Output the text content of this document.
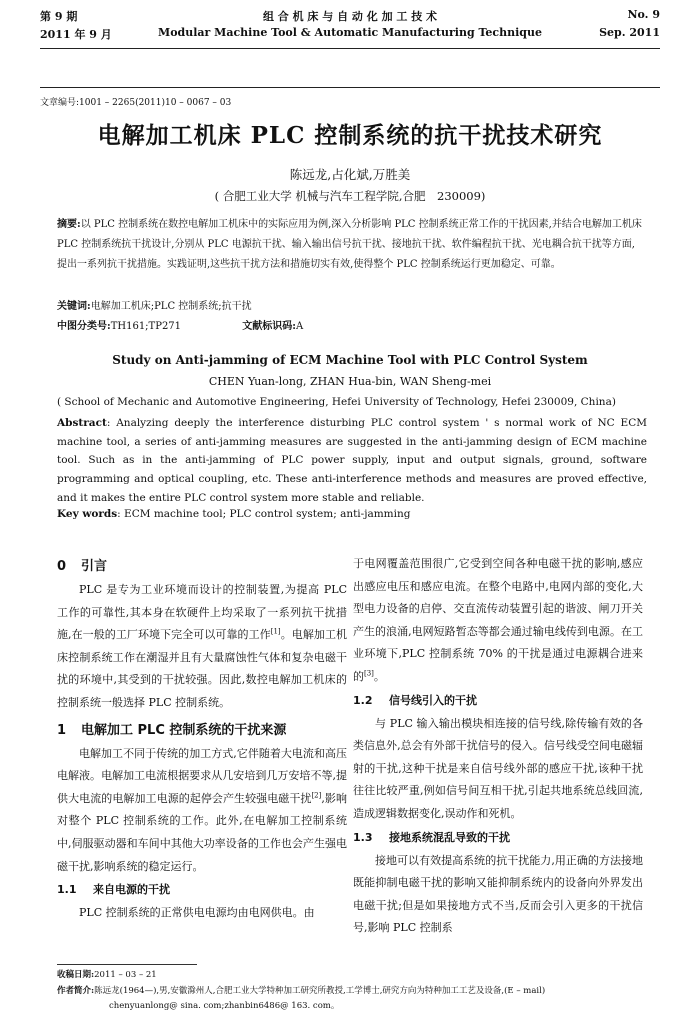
第 9 期	组 合 机 床 与 自 动 化 加 工 技 术	No. 9
2011 年 9 月	Modular Machine Tool & Automatic Manufacturing Technique	Sep. 2011
文章编号:1001 – 2265(2011)10 – 0067 – 03
电解加工机床 PLC 控制系统的抗干扰技术研究
陈远龙,占化斌,万胜美
( 合肥工业大学 机械与汽车工程学院,合肥　230009)
摘要:以 PLC 控制系统在数控电解加工机床中的实际应用为例,深入分析影响 PLC 控制系统正常工作的干扰因素,并结合电解加工机床 PLC 控制系统抗干扰设计,分别从 PLC 电源抗干扰、输入输出信号抗干扰、接地抗干扰、软件编程抗干扰、光电耦合抗干扰等方面,提出一系列抗干扰措施。实践证明,这些抗干扰方法和措施切实有效,使得整个 PLC 控制系统运行更加稳定、可靠。
关键词:电解加工机床;PLC 控制系统;抗干扰
中图分类号:TH161;TP271	文献标识码:A
Study on Anti-jamming of ECM Machine Tool with PLC Control System
CHEN Yuan-long, ZHAN Hua-bin, WAN Sheng-mei
( School of Mechanic and Automotive Engineering, Hefei University of Technology, Hefei 230009, China)
Abstract: Analyzing deeply the interference disturbing PLC control system ' s normal work of NC ECM machine tool, a series of anti-jamming measures are suggested in the anti-jamming design of ECM machine tool. Such as in the anti-jamming of PLC power supply, input and output signals, ground, software programming and optical coupling, etc. These anti-interference methods and measures are proved effective, and it makes the entire PLC control system more stable and reliable.
Key words: ECM machine tool; PLC control system; anti-jamming
0 引言

PLC 是专为工业环境而设计的控制装置,为提高 PLC 工作的可靠性,其本身在软硬件上均采取了一系列抗干扰措施,在一般的工厂环境下完全可以可靠的工作[1]。电解加工机床控制系统工作在潮湿并且有大量腐蚀性气体和复杂电磁干扰的环境中,其受到的干扰较强。因此,数控电解加工机床的控制系统一般选择 PLC 控制系统。

1 电解加工 PLC 控制系统的干扰来源

电解加工不同于传统的加工方式,它伴随着大电流和高压电解液。电解加工电流根据要求从几安培到几万安培不等,提供大电流的电解加工电源的起停会产生较强电磁干扰[2],影响对整个 PLC 控制系统的工作。此外,在电解加工控制系统中,伺服驱动器和车间中其他大功率设备的工作也会产生强电磁干扰,影响系统的稳定运行。

1.1 来自电源的干扰

PLC 控制系统的正常供电电源均由电网供电。由

于电网覆盖范围很广,它受到空间各种电磁干扰的影响,感应出感应电压和感应电流。在整个电路中,电网内部的变化,大型电力设备的启停、交直流传动装置引起的谐波、闸刀开关产生的浪涌,电网短路暂态等都会通过输电线传到电源。在工业环境下,PLC 控制系统 70% 的干扰是通过电源耦合进来的[3]。

1.2 信号线引入的干扰

与 PLC 输入输出模块相连接的信号线,除传输有效的各类信息外,总会有外部干扰信号的侵入。信号线受空间电磁辐射的干扰,这种干扰是来自信号线外部的感应干扰,该种干扰往往比较严重,例如信号间互相干扰,引起共地系统总线回流,造成逻辑数据变化,误动作和死机。

1.3 接地系统混乱导致的干扰

接地可以有效提高系统的抗干扰能力,用正确的方法接地既能抑制电磁干扰的影响又能抑制系统内的设备向外界发出电磁干扰;但是如果接地方式不当,反而会引入更多的干扰信号,影响 PLC 控制系

收稿日期:2011 – 03 – 21
作者简介:陈远龙(1964—),男,安徽滁州人,合肥工业大学特种加工研究所教授,工学博士,研究方向为特种加工工艺及设备,(E – mail)
chenyuanlong@ sina. com;zhanbin6486@ 163. com。
